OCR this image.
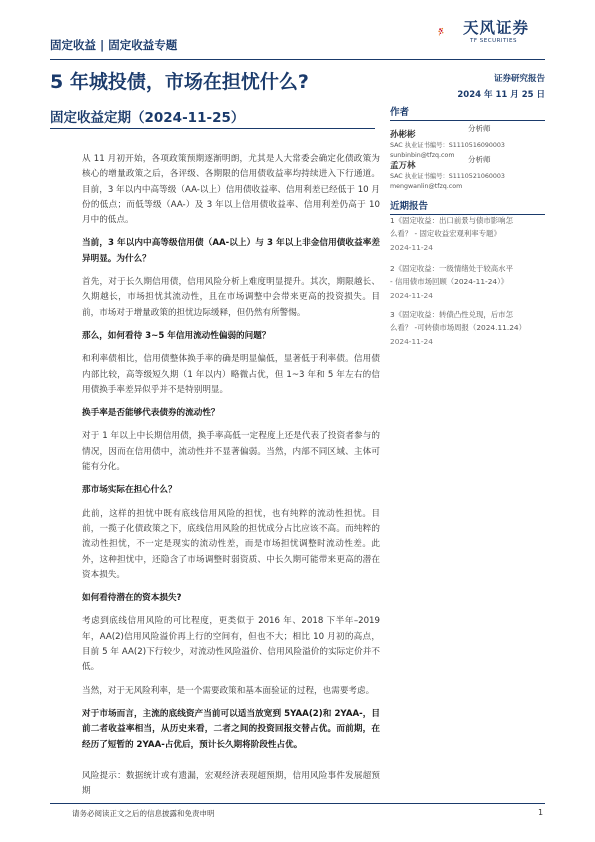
固定收益 | 固定收益专题
天风证券
TF SECURITIES
5 年城投债，市场在担忧什么?
固定收益定期（2024-11-25）
证券研究报告
2024 年 11 月 25 日

从 11 月初开始，各项政策预期逐渐明朗，尤其是人大常委会确定化债政策为核心的增量政策之后，各评级、各期限的信用债收益率均持续进入下行通道。目前，3 年以内中高等级（AA-以上）信用债收益率、信用利差已经低于 10 月份的低点；而低等级（AA-）及 3 年以上信用债收益率、信用利差仍高于 10 月中的低点。

当前，3 年以内中高等级信用债（AA-以上）与 3 年以上非金信用债收益率差异明显。为什么？

首先，对于长久期信用债，信用风险分析上难度明显提升。其次，期限越长、久期越长，市场担忧其流动性，且在市场调整中会带来更高的投资损失。目前，市场对于增量政策的担忧边际缓释，但仍然有所警惕。

那么，如何看待 3~5 年信用流动性偏弱的问题？

和利率债相比，信用债整体换手率的确是明显偏低，显著低于利率债。信用债内部比较，高等级短久期（1 年以内）略微占优，但 1~3 年和 5 年左右的信用债换手率差异似乎并不是特别明显。

换手率是否能够代表债券的流动性？

对于 1 年以上中长期信用债，换手率高低一定程度上还是代表了投资者参与的情况，因而在信用债中，流动性并不显著偏弱。当然，内部不同区域、主体可能有分化。

那市场实际在担心什么？

此前，这样的担忧中既有底线信用风险的担忧，也有纯粹的流动性担忧。目前，一揽子化债政策之下，底线信用风险的担忧成分占比应该不高。而纯粹的流动性担忧，不一定是现实的流动性差，而是市场担忧调整时流动性差。此外，这种担忧中，还隐含了市场调整时弱资质、中长久期可能带来更高的潜在资本损失。

如何看待潜在的资本损失?

考虑到底线信用风险的可比程度，更类似于 2016 年、2018 下半年–2019 年，AA(2)信用风险溢价再上行的空间有，但也不大；相比 10 月初的高点，目前 5 年 AA(2)下行较少，对流动性风险溢价、信用风险溢价的实际定价并不低。

当然，对于无风险利率，是一个需要政策和基本面验证的过程，也需要考虑。

对于市场而言，主流的底线资产当前可以适当放宽到 5YAA(2)和 2YAA-，目前二者收益率相当，从历史来看，二者之间的投资回报交替占优。而前期，在经历了短暂的 2YAA-占优后，预计长久期将阶段性占优。

风险提示：数据统计或有遗漏，宏观经济表现超预期，信用风险事件发展超预期

作者
孙彬彬
分析师
SAC 执业证书编号：S1110516090003
sunbinbin@tfzq.com
孟万林
分析师
SAC 执业证书编号：S1110521060003
mengwanlin@tfzq.com
近期报告
1《固定收益：出口前景与债市影响怎
么看？ - 固定收益宏观利率专题》
2024-11-24
2《固定收益：一级情绪处于较高水平
- 信用债市场回顾（2024-11-24）》
2024-11-24
3《固定收益：转债凸性兑现，后市怎
么看？ -可转债市场周报（2024.11.24）
2024-11-24
请务必阅读正文之后的信息披露和免责申明	1
